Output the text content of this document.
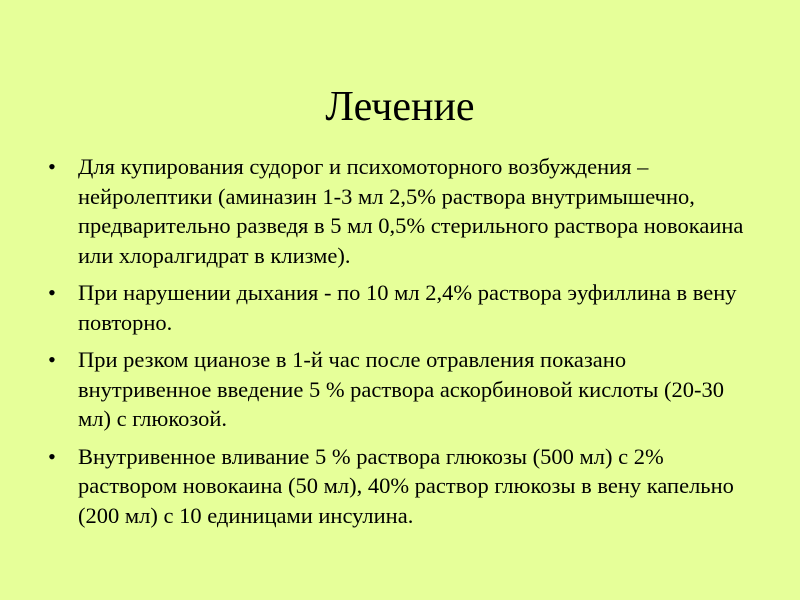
Лечение
• Для купирования судорог и психомоторного возбуждения – нейролептики (аминазин 1-3 мл 2,5% раствора внутримышечно, предварительно разведя в 5 мл 0,5% стерильного раствора новокаина или хлоралгидрат в клизме).
• При нарушении дыхания - по 10 мл 2,4% раствора эуфиллина в вену повторно.
• При резком цианозе в 1-й час после отравления показано внутривенное введение 5 % раствора аскорбиновой кислоты (20-30 мл) с глюкозой.
• Внутривенное вливание 5 % раствора глюкозы (500 мл) с 2% раствором новокаина (50 мл), 40% раствор глюкозы в вену капельно (200 мл) с 10 единицами инсулина.
